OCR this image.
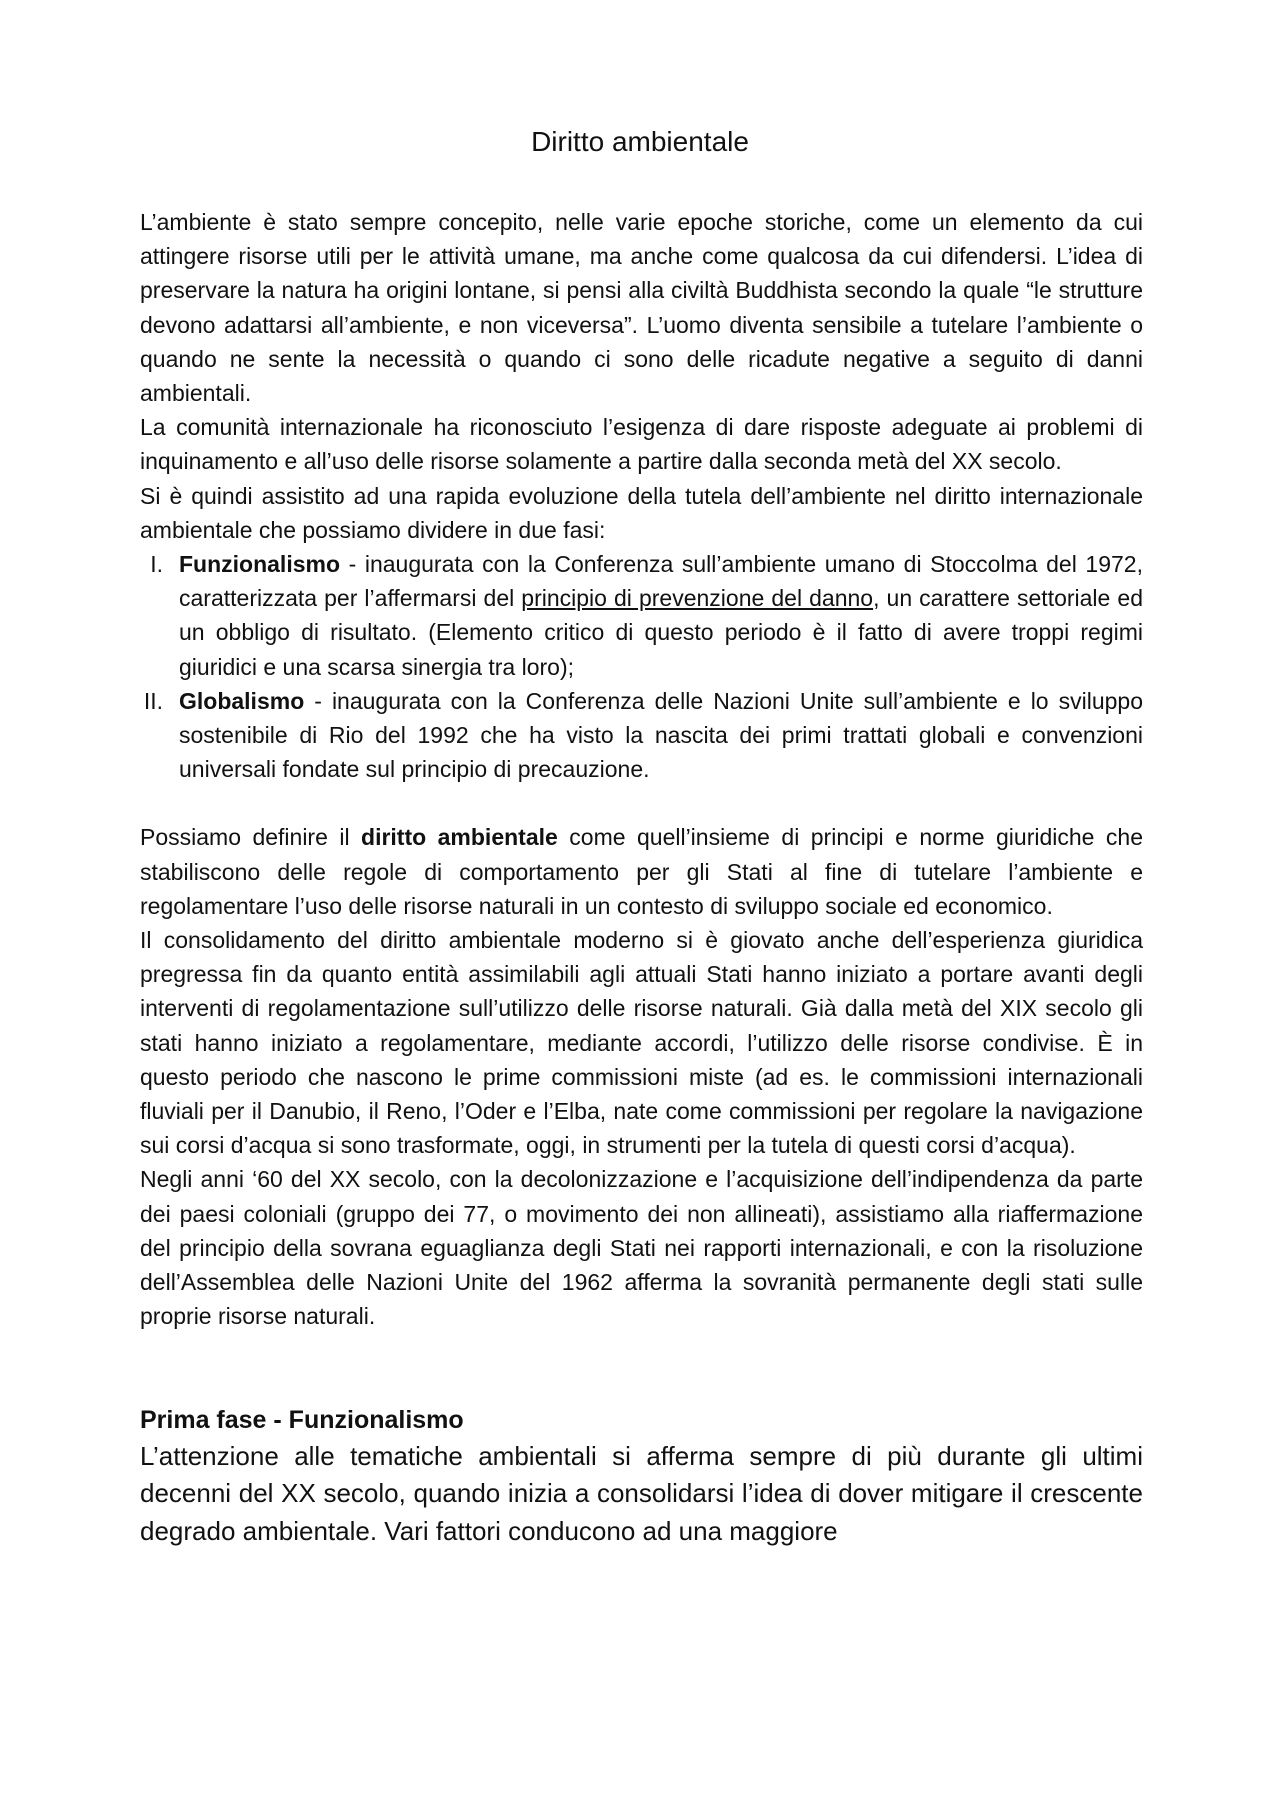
Diritto ambientale

L’ambiente è stato sempre concepito, nelle varie epoche storiche, come un elemento da cui attingere risorse utili per le attività umane, ma anche come qualcosa da cui difendersi. L’idea di preservare la natura ha origini lontane, si pensi alla civiltà Buddhista secondo la quale “le strutture devono adattarsi all’ambiente, e non viceversa”. L’uomo diventa sensibile a tutelare l’ambiente o quando ne sente la necessità o quando ci sono delle ricadute negative a seguito di danni ambientali.

La comunità internazionale ha riconosciuto l’esigenza di dare risposte adeguate ai problemi di inquinamento e all’uso delle risorse solamente a partire dalla seconda metà del XX secolo.

Si è quindi assistito ad una rapida evoluzione della tutela dell’ambiente nel diritto internazionale ambientale che possiamo dividere in due fasi:

I. Funzionalismo - inaugurata con la Conferenza sull’ambiente umano di Stoccolma del 1972, caratterizzata per l’affermarsi del principio di prevenzione del danno, un carattere settoriale ed un obbligo di risultato. (Elemento critico di questo periodo è il fatto di avere troppi regimi giuridici e una scarsa sinergia tra loro);
II. Globalismo - inaugurata con la Conferenza delle Nazioni Unite sull’ambiente e lo sviluppo sostenibile di Rio del 1992 che ha visto la nascita dei primi trattati globali e convenzioni universali fondate sul principio di precauzione.

Possiamo definire il diritto ambientale come quell’insieme di principi e norme giuridiche che stabiliscono delle regole di comportamento per gli Stati al fine di tutelare l’ambiente e regolamentare l’uso delle risorse naturali in un contesto di sviluppo sociale ed economico.

Il consolidamento del diritto ambientale moderno si è giovato anche dell’esperienza giuridica pregressa fin da quanto entità assimilabili agli attuali Stati hanno iniziato a portare avanti degli interventi di regolamentazione sull’utilizzo delle risorse naturali. Già dalla metà del XIX secolo gli stati hanno iniziato a regolamentare, mediante accordi, l’utilizzo delle risorse condivise. È in questo periodo che nascono le prime commissioni miste (ad es. le commissioni internazionali fluviali per il Danubio, il Reno, l’Oder e l’Elba, nate come commissioni per regolare la navigazione sui corsi d’acqua si sono trasformate, oggi, in strumenti per la tutela di questi corsi d’acqua).

Negli anni ‘60 del XX secolo, con la decolonizzazione e l’acquisizione dell’indipendenza da parte dei paesi coloniali (gruppo dei 77, o movimento dei non allineati), assistiamo alla riaffermazione del principio della sovrana eguaglianza degli Stati nei rapporti internazionali, e con la risoluzione dell’Assemblea delle Nazioni Unite del 1962 afferma la sovranità permanente degli stati sulle proprie risorse naturali.

Prima fase - Funzionalismo

L’attenzione alle tematiche ambientali si afferma sempre di più durante gli ultimi decenni del XX secolo, quando inizia a consolidarsi l’idea di dover mitigare il crescente degrado ambientale. Vari fattori conducono ad una maggiore
